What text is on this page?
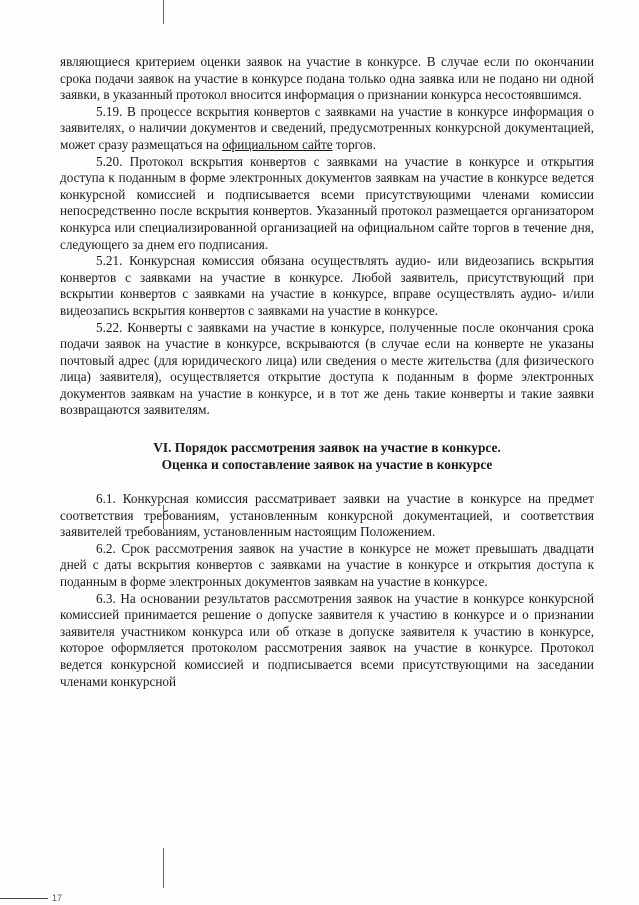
являющиеся критерием оценки заявок на участие в конкурсе. В случае если по окончании срока подачи заявок на участие в конкурсе подана только одна заявка или не подано ни одной заявки, в указанный протокол вносится информация о признании конкурса несостоявшимся.

5.19. В процессе вскрытия конвертов с заявками на участие в конкурсе информация о заявителях, о наличии документов и сведений, предусмотренных конкурсной документацией, может сразу размещаться на официальном сайте торгов.

5.20. Протокол вскрытия конвертов с заявками на участие в конкурсе и открытия доступа к поданным в форме электронных документов заявкам на участие в конкурсе ведется конкурсной комиссией и подписывается всеми присутствующими членами комиссии непосредственно после вскрытия конвертов. Указанный протокол размещается организатором конкурса или специализированной организацией на официальном сайте торгов в течение дня, следующего за днем его подписания.

5.21. Конкурсная комиссия обязана осуществлять аудио- или видеозапись вскрытия конвертов с заявками на участие в конкурсе. Любой заявитель, присутствующий при вскрытии конвертов с заявками на участие в конкурсе, вправе осуществлять аудио- и/или видеозапись вскрытия конвертов с заявками на участие в конкурсе.

5.22. Конверты с заявками на участие в конкурсе, полученные после окончания срока подачи заявок на участие в конкурсе, вскрываются (в случае если на конверте не указаны почтовый адрес (для юридического лица) или сведения о месте жительства (для физического лица) заявителя), осуществляется открытие доступа к поданным в форме электронных документов заявкам на участие в конкурсе, и в тот же день такие конверты и такие заявки возвращаются заявителям.

VI. Порядок рассмотрения заявок на участие в конкурсе.
Оценка и сопоставление заявок на участие в конкурсе

6.1. Конкурсная комиссия рассматривает заявки на участие в конкурсе на предмет соответствия требованиям, установленным конкурсной документацией, и соответствия заявителей требованиям, установленным настоящим Положением.

6.2. Срок рассмотрения заявок на участие в конкурсе не может превышать двадцати дней с даты вскрытия конвертов с заявками на участие в конкурсе и открытия доступа к поданным в форме электронных документов заявкам на участие в конкурсе.

6.3. На основании результатов рассмотрения заявок на участие в конкурсе конкурсной комиссией принимается решение о допуске заявителя к участию в конкурсе и о признании заявителя участником конкурса или об отказе в допуске заявителя к участию в конкурсе, которое оформляется протоколом рассмотрения заявок на участие в конкурсе. Протокол ведется конкурсной комиссией и подписывается всеми присутствующими на заседании членами конкурсной

17
